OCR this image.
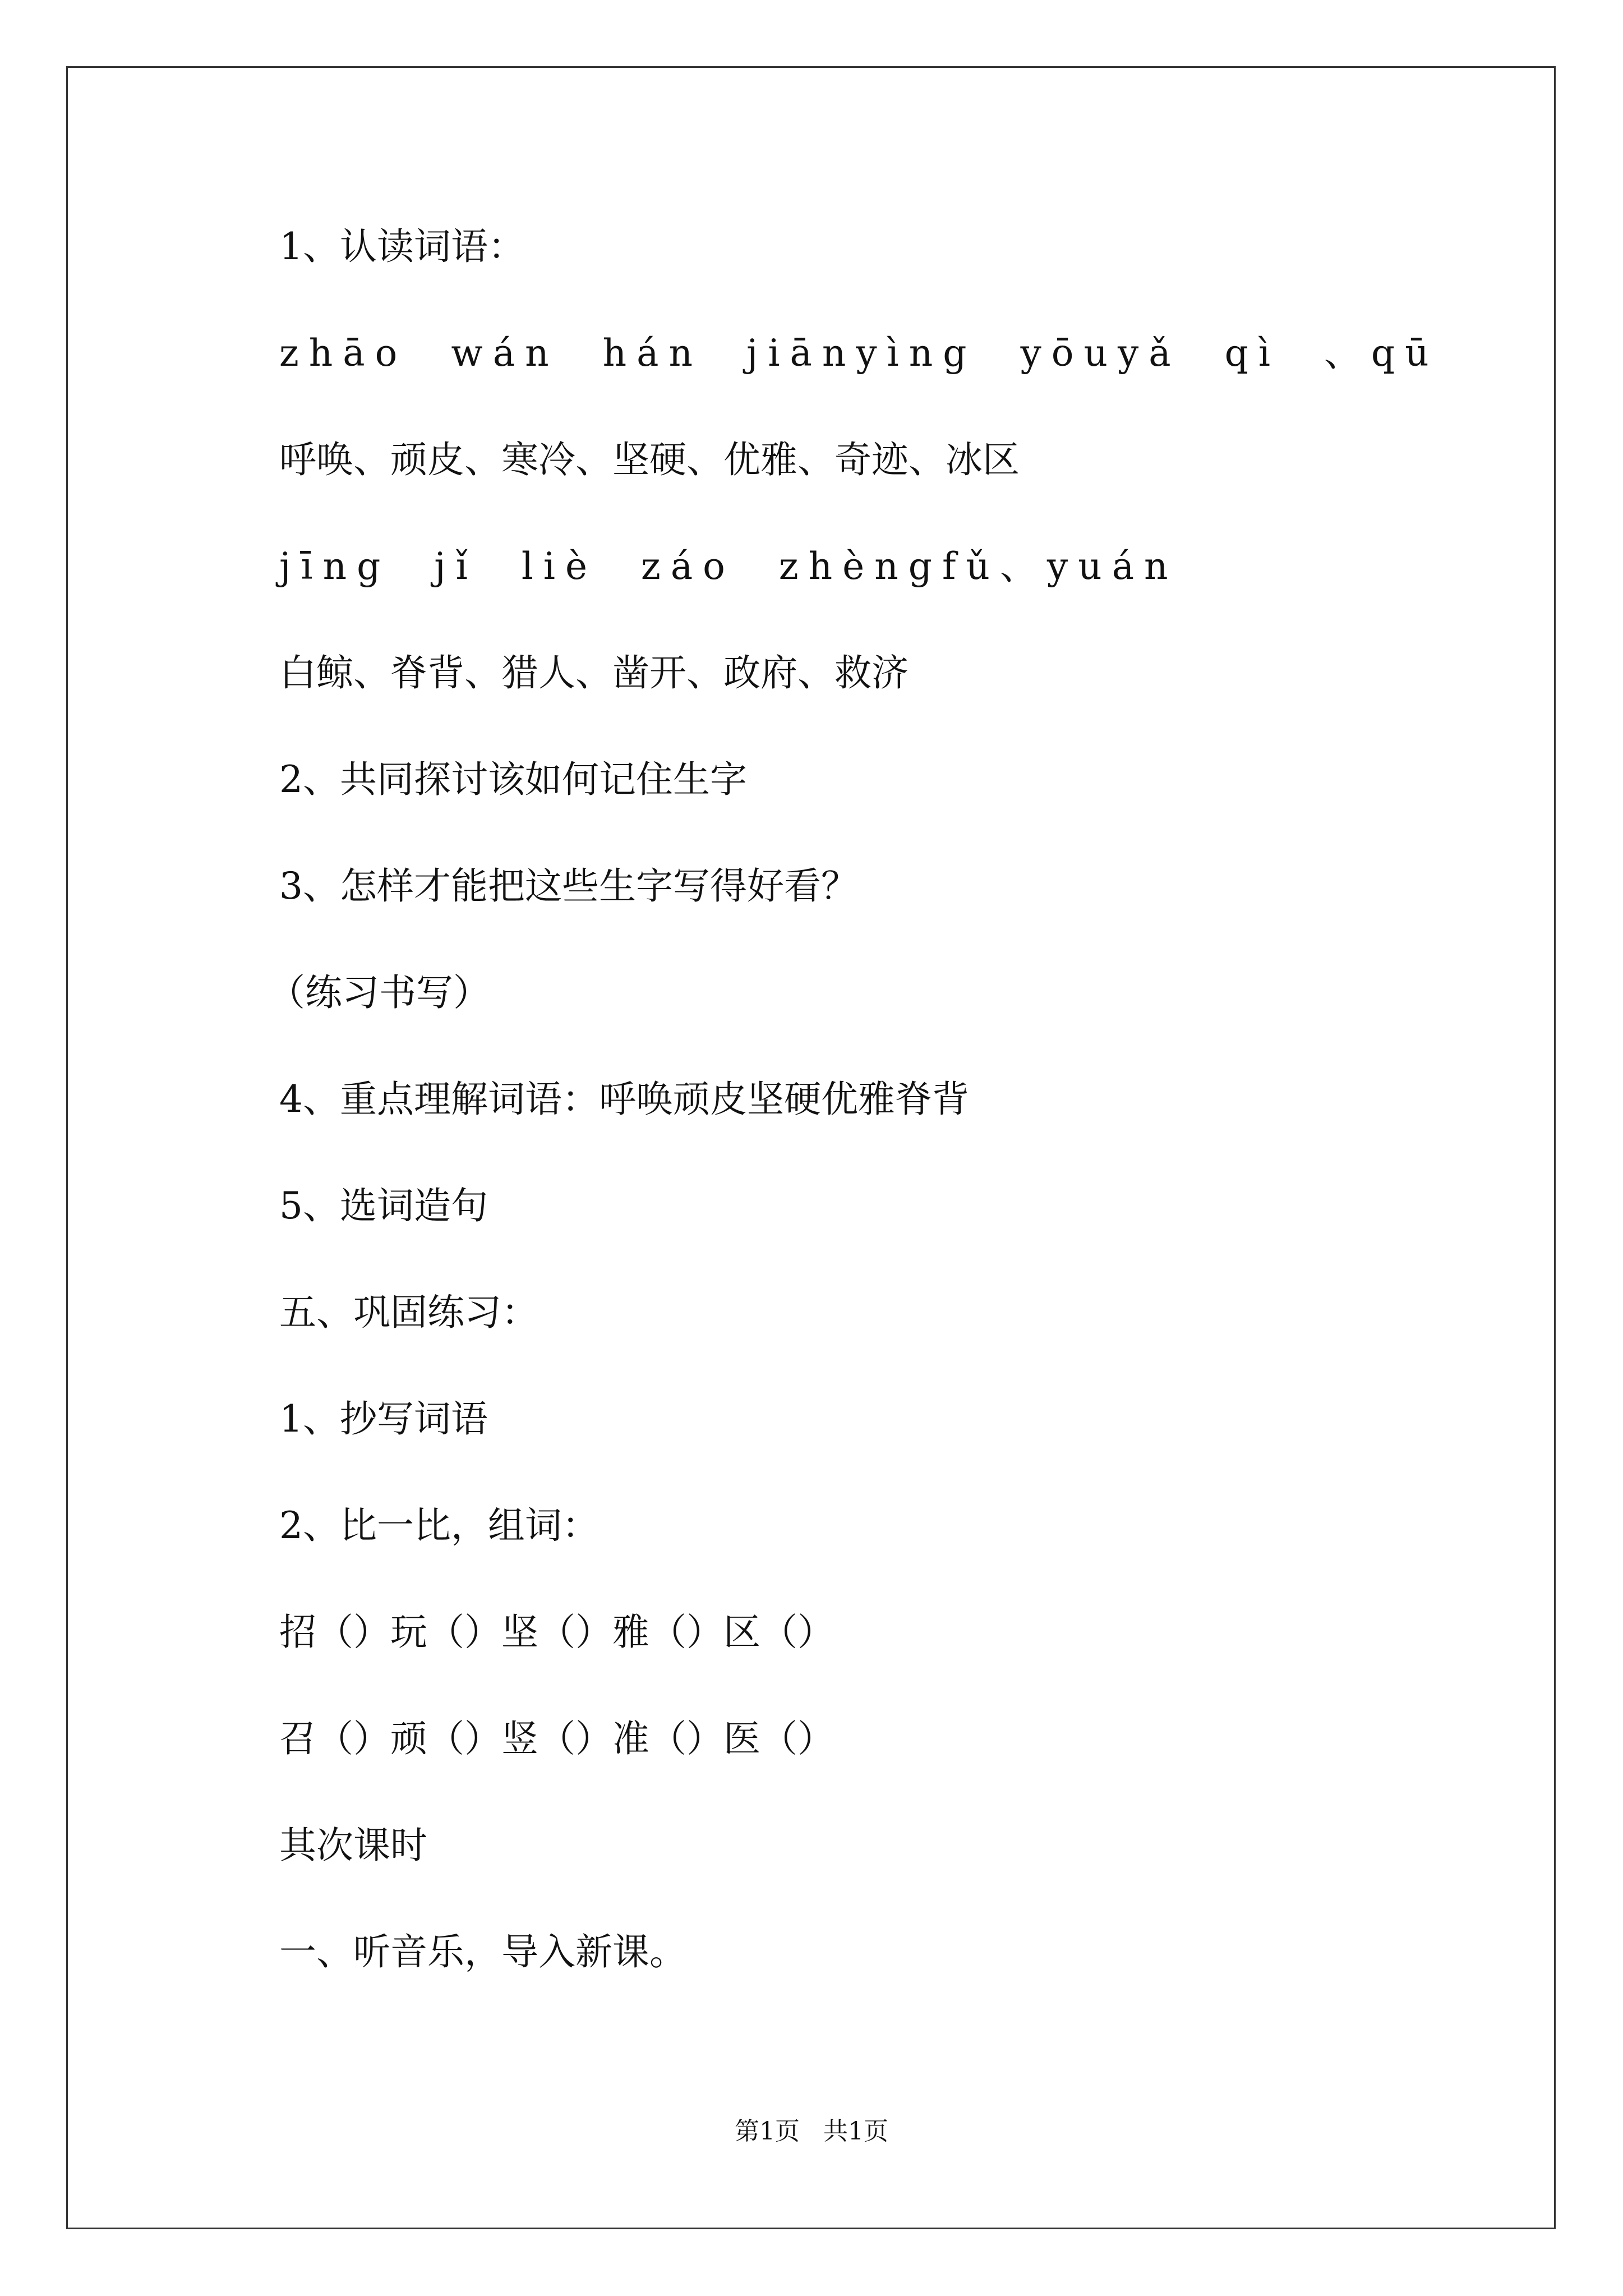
1、认读词语：
zhāo  wán  hán  jiānyìng  yōuyǎ  qì  、qū
呼唤、顽皮、寒冷、坚硬、优雅、奇迹、冰区
jīng  jǐ  liè  záo  zhèngfǔ、yuán
白鲸、脊背、猎人、凿开、政府、救济
2、共同探讨该如何记住生字
3、怎样才能把这些生字写得好看？
（练习书写）
4、重点理解词语：呼唤顽皮坚硬优雅脊背
5、选词造句
五、巩固练习：
1、抄写词语
2、比一比，组词：
招（）玩（）坚（）雅（）区（）
召（）顽（）竖（）准（）医（）
其次课时
一、听音乐，导入新课。
第1页   共1页
